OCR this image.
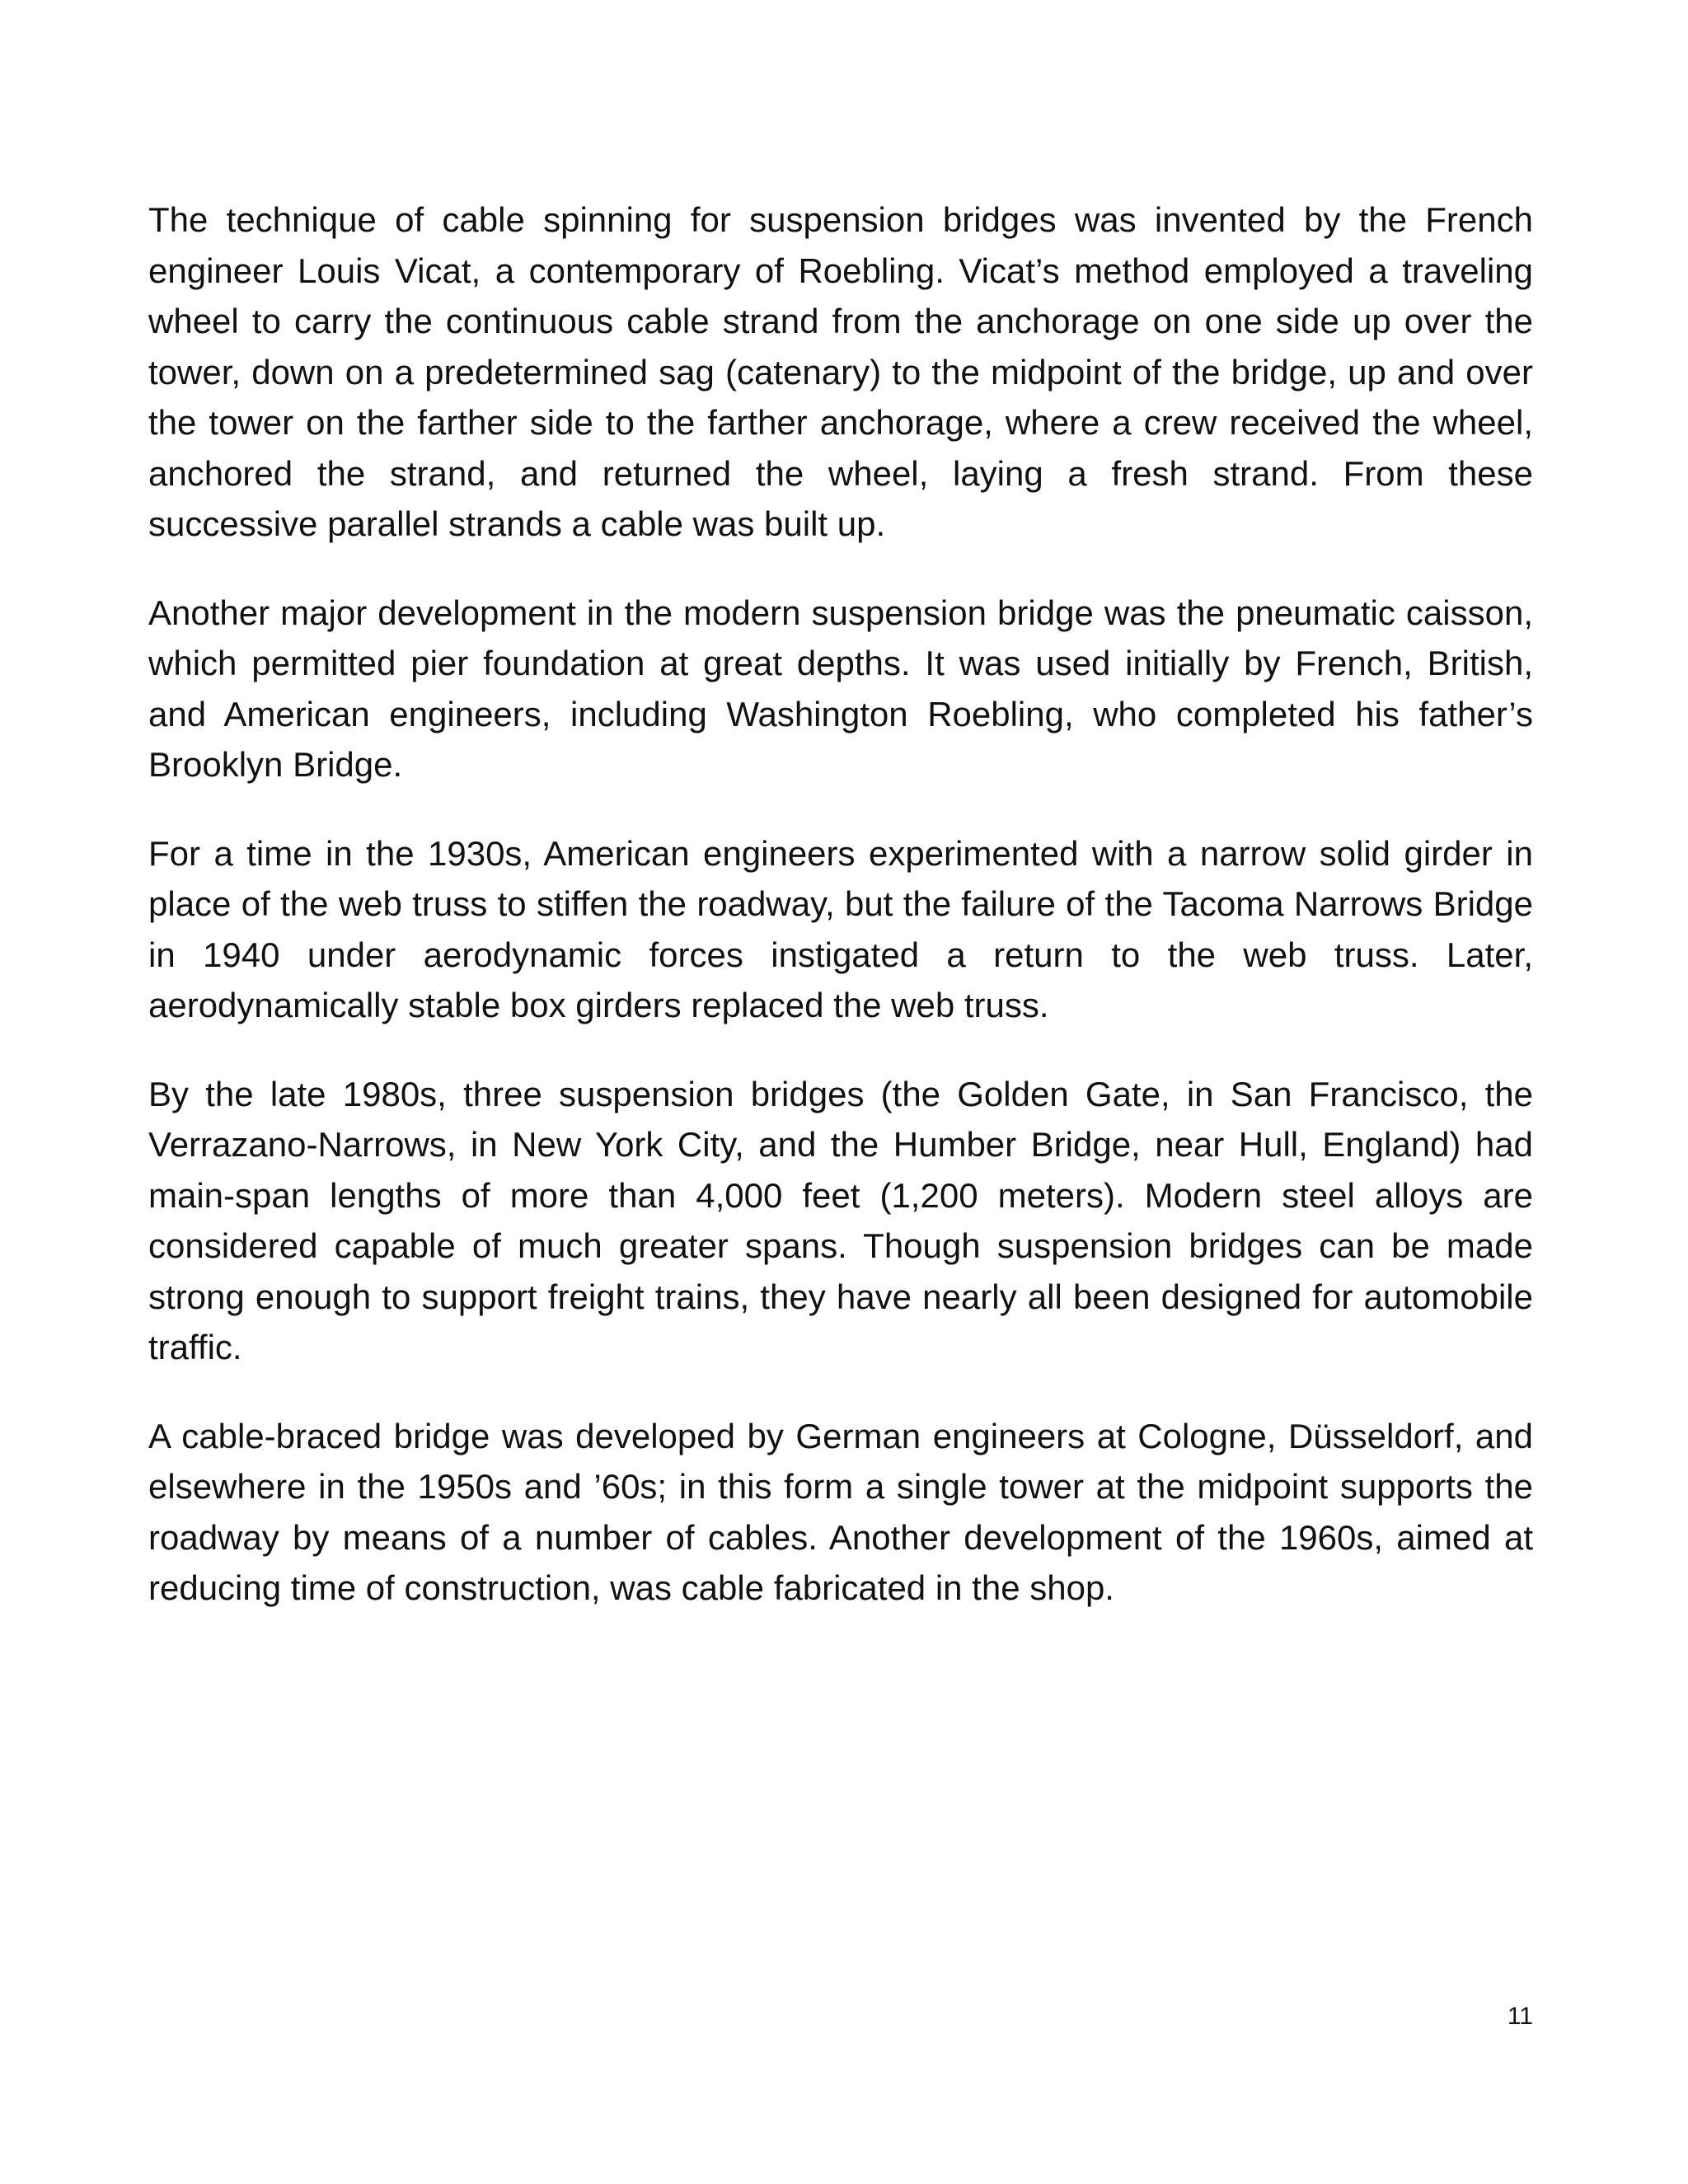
The technique of cable spinning for suspension bridges was invented by the French engineer Louis Vicat, a contemporary of Roebling. Vicat’s method employed a traveling wheel to carry the continuous cable strand from the anchorage on one side up over the tower, down on a predetermined sag (catenary) to the midpoint of the bridge, up and over the tower on the farther side to the farther anchorage, where a crew received the wheel, anchored the strand, and returned the wheel, laying a fresh strand. From these successive parallel strands a cable was built up.

Another major development in the modern suspension bridge was the pneumatic caisson, which permitted pier foundation at great depths. It was used initially by French, British, and American engineers, including Washington Roebling, who completed his father’s Brooklyn Bridge.

For a time in the 1930s, American engineers experimented with a narrow solid girder in place of the web truss to stiffen the roadway, but the failure of the Tacoma Narrows Bridge in 1940 under aerodynamic forces instigated a return to the web truss. Later, aerodynamically stable box girders replaced the web truss.

By the late 1980s, three suspension bridges (the Golden Gate, in San Francisco, the Verrazano-Narrows, in New York City, and the Humber Bridge, near Hull, England) had main-span lengths of more than 4,000 feet (1,200 meters). Modern steel alloys are considered capable of much greater spans. Though suspension bridges can be made strong enough to support freight trains, they have nearly all been designed for automobile traffic.

A cable-braced bridge was developed by German engineers at Cologne, Düsseldorf, and elsewhere in the 1950s and ’60s; in this form a single tower at the midpoint supports the roadway by means of a number of cables. Another development of the 1960s, aimed at reducing time of construction, was cable fabricated in the shop.

11
